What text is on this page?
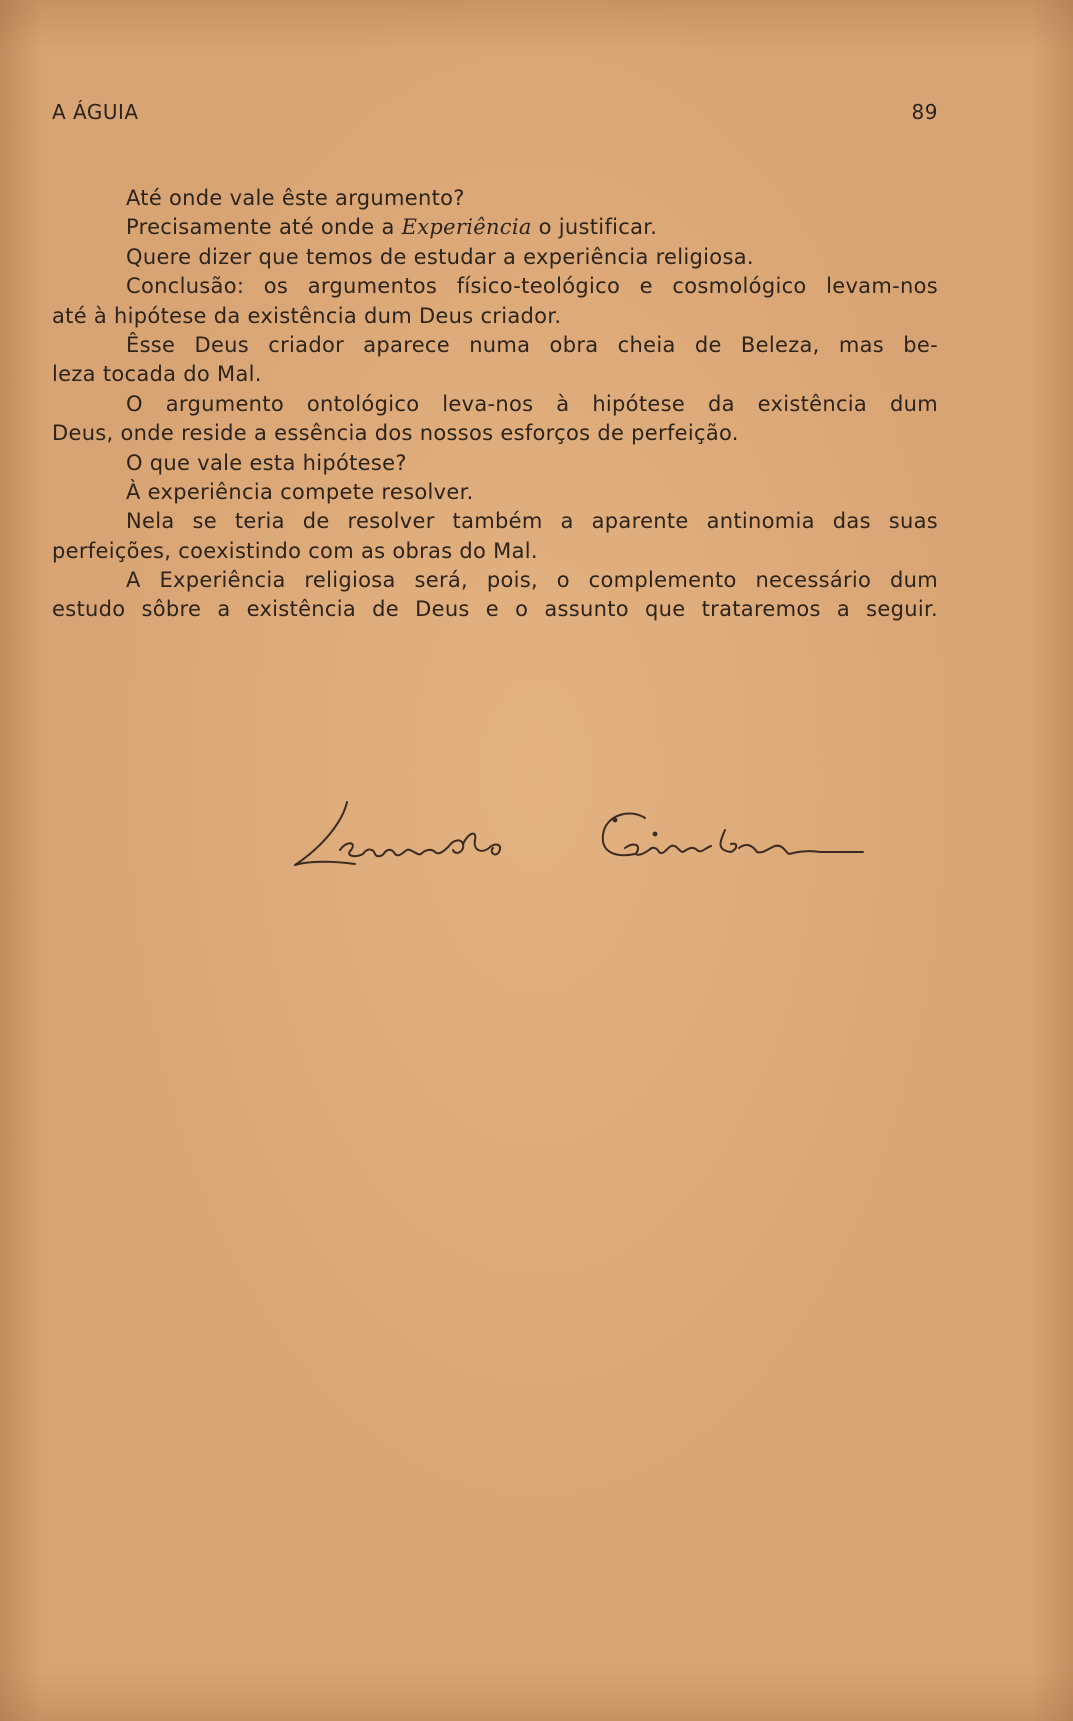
A ÁGUIA	89
Até onde vale êste argumento?
Precisamente até onde a Experiência o justificar.
Quere dizer que temos de estudar a experiência religiosa.
Conclusão: os argumentos físico-teológico e cosmológico levam-nos
até à hipótese da existência dum Deus criador.
Êsse Deus criador aparece numa obra cheia de Beleza, mas be-
leza tocada do Mal.
O argumento ontológico leva-nos à hipótese da existência dum
Deus, onde reside a essência dos nossos esforços de perfeição.
O que vale esta hipótese?
À experiência compete resolver.
Nela se teria de resolver também a aparente antinomia das suas
perfeições, coexistindo com as obras do Mal.
A Experiência religiosa será, pois, o complemento necessário dum
estudo sôbre a existência de Deus e o assunto que trataremos a seguir.
